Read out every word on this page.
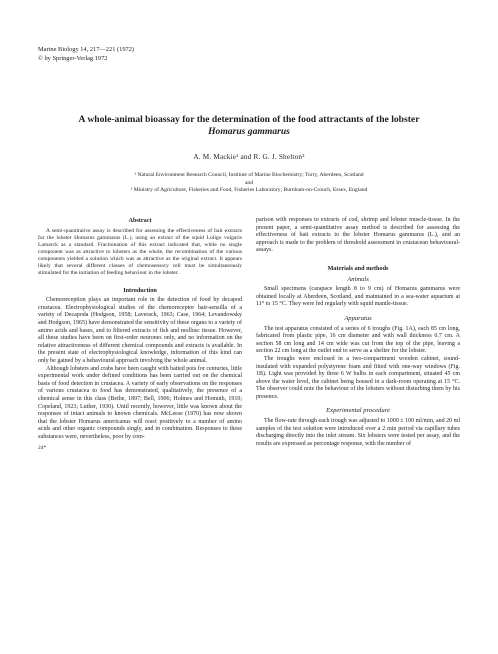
Marine Biology 14, 217—221 (1972)
© by Springer-Verlag 1972
A whole-animal bioassay for the determination of the food attractants of the lobster
Homarus gammarus
A. M. Mackie¹ and R. G. J. Shelton²
¹ Natural Environment Research Council, Institute of Marine Biochemistry; Torry, Aberdeen, Scotland
and
² Ministry of Agriculture, Fisheries and Food, Fisheries Laboratory; Burnham-on-Crouch, Essex, England

Abstract

A semi-quantitative assay is described for assessing the effectiveness of bait extracts for the lobster Homarus gammarus (L.), using an extract of the squid Loligo vulgaris Lamarck as a standard. Fractionation of this extract indicated that, while no single component was as attractive to lobsters as the whole, the recombination of the various components yielded a solution which was as attractive as the original extract. It appears likely that several different classes of chemosensory cell must be simultaneously stimulated for the initiation of feeding behaviour in the lobster.

Introduction

Chemoreception plays an important role in the detection of food by decapod crustacea. Electrophysiological studies of the chemoreceptor hair-sensilla of a variety of Decapoda (Hodgson, 1958; Laverack, 1963; Case, 1964; Levandowsky and Hodgson, 1965) have demonstrated the sensitivity of these organs to a variety of amino acids and bases, and to filtered extracts of fish and mollusc tissue. However, all these studies have been on first-order neurones only, and no information on the relative attractiveness of different chemical compounds and extracts is available. In the present state of electrophysiological knowledge, information of this kind can only be gained by a behavioural approach involving the whole animal.

Although lobsters and crabs have been caught with baited pots for centuries, little experimental work under defined conditions has been carried out on the chemical basis of food detection in crustacea. A variety of early observations on the responses of various crustacea to food has demonstrated, qualitatively, the presence of a chemical sense in this class (Bethe, 1897; Bell, 1906; Holmes and Homuth, 1910; Copeland, 1923; Luther, 1930). Until recently, however, little was known about the responses of intact animals to known chemicals. McLeese (1970) has now shown that the lobster Homarus americanus will react positively to a number of amino acids and other organic compounds singly, and in combination. Responses to these substances were, nevertheless, poor by com-

24*

parison with responses to extracts of cod, shrimp and lobster muscle-tissue. In the present paper, a semi-quantitative assay method is described for assessing the effectiveness of bait extracts to the lobster Homarus gammarus (L.), and an approach is made to the problem of threshold assessment in crustacean behavioural-assays.

Materials and methods

Animals

Small specimens (carapace length 8 to 9 cm) of Homarus gammarus were obtained locally at Aberdeen, Scotland, and maintained in a sea-water aquarium at 11° to 15 °C. They were fed regularly with squid mantle-tissue.

Apparatus

The test apparatus consisted of a series of 6 troughs (Fig. 1A), each 85 cm long, fabricated from plastic pipe, 16 cm diameter and with wall thickness 0.7 cm. A section 58 cm long and 14 cm wide was cut from the top of the pipe, leaving a section 22 cm long at the outlet end to serve as a shelter for the lobster.

The troughs were enclosed in a two-compartment wooden cabinet, sound-insulated with expanded polystyrene foam and fitted with one-way windows (Fig. 1B). Light was provided by three 6 W bulbs in each compartment, situated 45 cm above the water level, the cabinet being housed in a dark-room operating at 15 °C. The observer could note the behaviour of the lobsters without disturbing them by his presence.

Experimental procedure

The flow-rate through each trough was adjusted to 1000 ± 100 ml/min, and 20 ml samples of the test solution were introduced over a 2 min period via capillary tubes discharging directly into the inlet stream. Six lobsters were tested per assay, and the results are expressed as percentage response, with the number of
